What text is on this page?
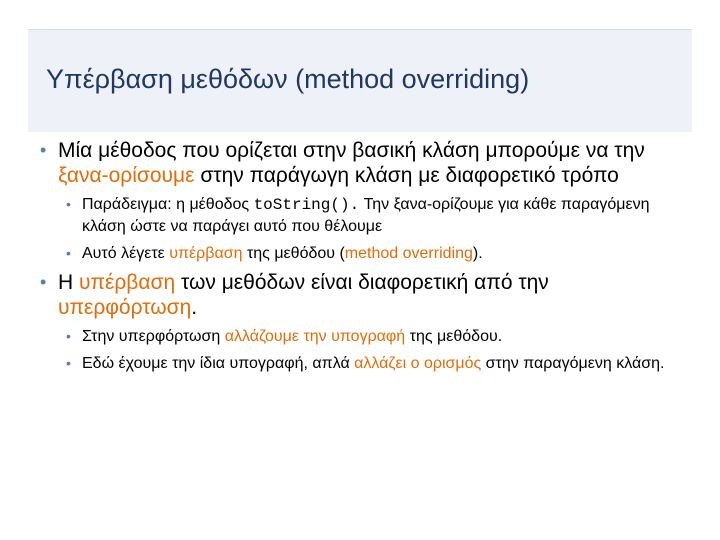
Υπέρβαση μεθόδων (method overriding)
• Μία μέθοδος που ορίζεται στην βασική κλάση μπορούμε να την ξανα-ορίσουμε στην παράγωγη κλάση με διαφορετικό τρόπο
• Παράδειγμα: η μέθοδος toString(). Την ξανα-ορίζουμε για κάθε παραγόμενη κλάση ώστε να παράγει αυτό που θέλουμε
• Αυτό λέγετε υπέρβαση της μεθόδου (method overriding).
• Η υπέρβαση των μεθόδων είναι διαφορετική από την υπερφόρτωση.
• Στην υπερφόρτωση αλλάζουμε την υπογραφή της μεθόδου.
• Εδώ έχουμε την ίδια υπογραφή, απλά αλλάζει ο ορισμός στην παραγόμενη κλάση.
